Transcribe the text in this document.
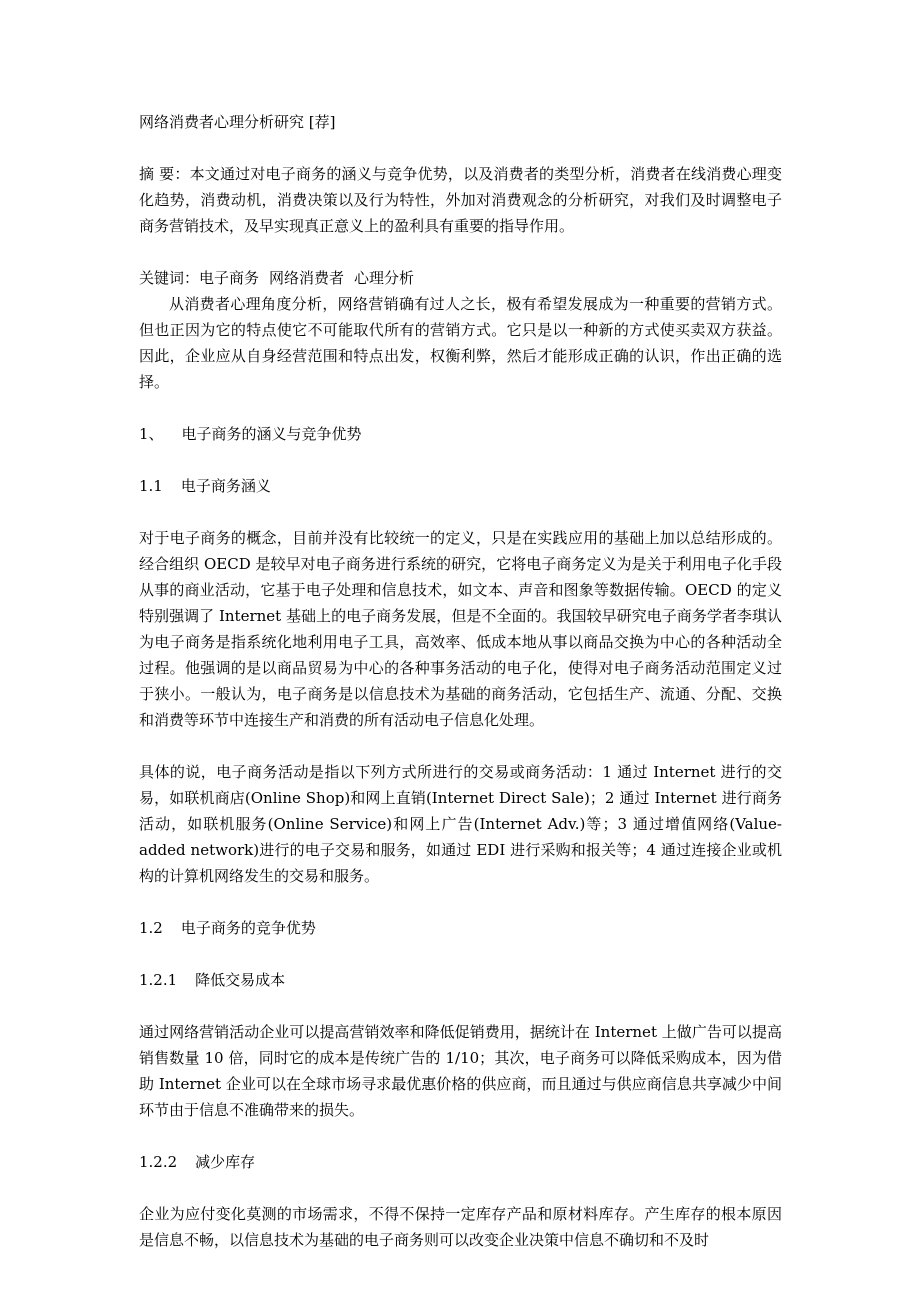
网络消费者心理分析研究 [荐]

摘 要：本文通过对电子商务的涵义与竞争优势，以及消费者的类型分析，消费者在线消费心理变化趋势，消费动机，消费决策以及行为特性，外加对消费观念的分析研究，对我们及时调整电子商务营销技术，及早实现真正意义上的盈利具有重要的指导作用。

关键词：电子商务 网络消费者 心理分析

从消费者心理角度分析，网络营销确有过人之长，极有希望发展成为一种重要的营销方式。但也正因为它的特点使它不可能取代所有的营销方式。它只是以一种新的方式使买卖双方获益。因此，企业应从自身经营范围和特点出发，权衡利弊，然后才能形成正确的认识，作出正确的选择。

1、 电子商务的涵义与竞争优势

1.1 电子商务涵义

对于电子商务的概念，目前并没有比较统一的定义，只是在实践应用的基础上加以总结形成的。经合组织 OECD 是较早对电子商务进行系统的研究，它将电子商务定义为是关于利用电子化手段从事的商业活动，它基于电子处理和信息技术，如文本、声音和图象等数据传输。OECD 的定义特别强调了 Internet 基础上的电子商务发展，但是不全面的。我国较早研究电子商务学者李琪认为电子商务是指系统化地利用电子工具，高效率、低成本地从事以商品交换为中心的各种活动全过程。他强调的是以商品贸易为中心的各种事务活动的电子化，使得对电子商务活动范围定义过于狭小。一般认为，电子商务是以信息技术为基础的商务活动，它包括生产、流通、分配、交换和消费等环节中连接生产和消费的所有活动电子信息化处理。

具体的说，电子商务活动是指以下列方式所进行的交易或商务活动：1 通过 Internet 进行的交易，如联机商店(Online Shop)和网上直销(Internet Direct Sale)；2 通过 Internet 进行商务活动，如联机服务(Online Service)和网上广告(Internet Adv.)等；3 通过增值网络(Value-added network)进行的电子交易和服务，如通过 EDI 进行采购和报关等；4 通过连接企业或机构的计算机网络发生的交易和服务。

1.2 电子商务的竞争优势

1.2.1 降低交易成本

通过网络营销活动企业可以提高营销效率和降低促销费用，据统计在 Internet 上做广告可以提高销售数量 10 倍，同时它的成本是传统广告的 1/10；其次，电子商务可以降低采购成本，因为借助 Internet 企业可以在全球市场寻求最优惠价格的供应商，而且通过与供应商信息共享减少中间环节由于信息不准确带来的损失。

1.2.2 减少库存

企业为应付变化莫测的市场需求，不得不保持一定库存产品和原材料库存。产生库存的根本原因是信息不畅，以信息技术为基础的电子商务则可以改变企业决策中信息不确切和不及时
